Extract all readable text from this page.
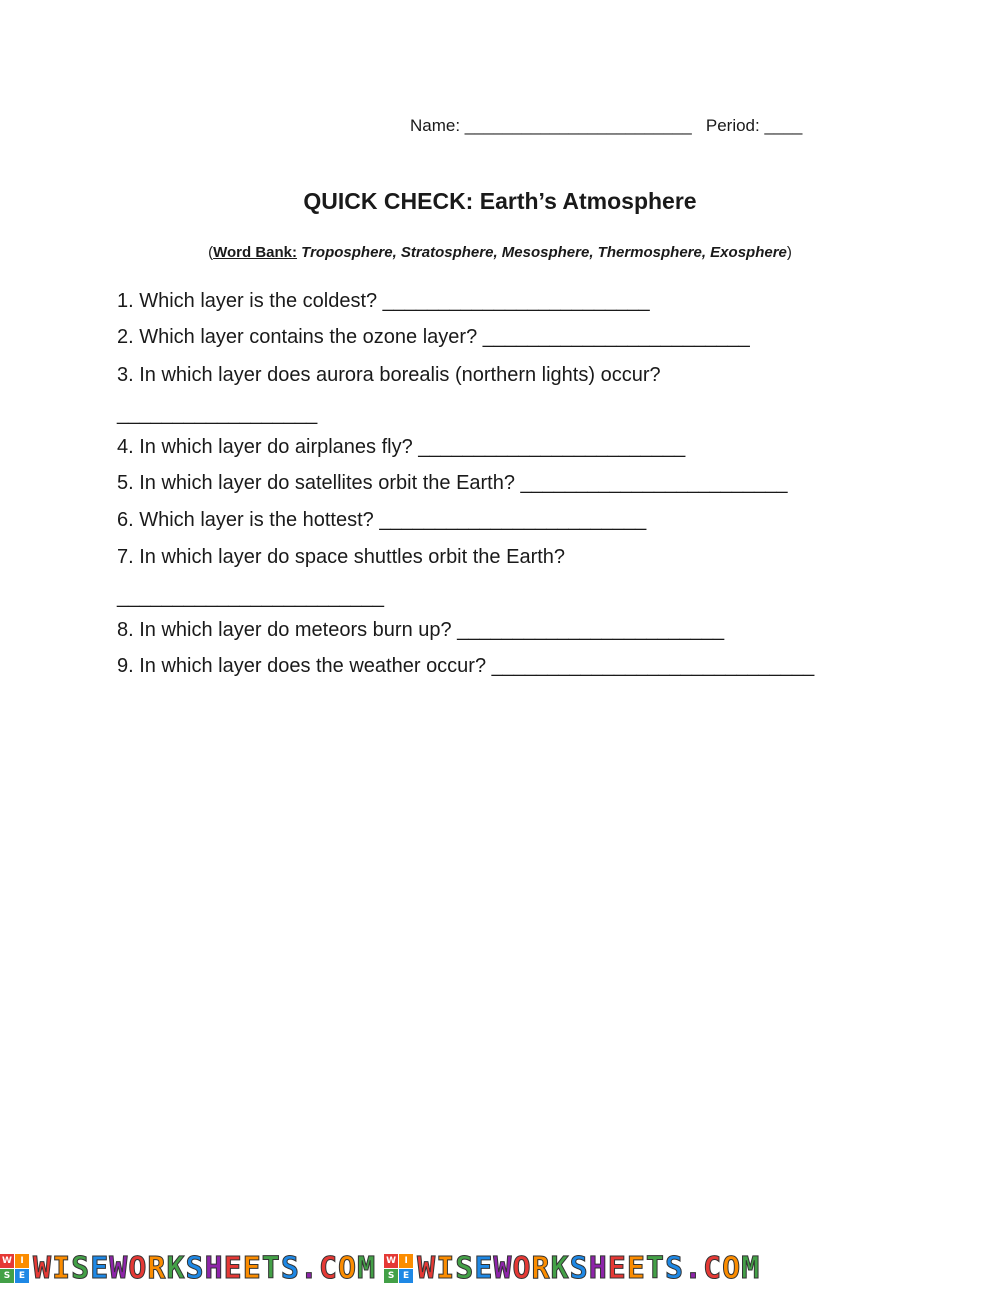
Name: ________________________   Period: ____
QUICK CHECK: Earth’s Atmosphere
(Word Bank: Troposphere, Stratosphere, Mesosphere, Thermosphere, Exosphere)
1. Which layer is the coldest? ________________________
2. Which layer contains the ozone layer? ________________________
3. In which layer does aurora borealis (northern lights) occur?
__________________
4. In which layer do airplanes fly? ________________________
5. In which layer do satellites orbit the Earth? ________________________
6. Which layer is the hottest? ________________________
7. In which layer do space shuttles orbit the Earth?
________________________
8. In which layer do meteors burn up? ________________________
9. In which layer does the weather occur? _____________________________
W I
S E W I S E W O R K S H E E T S . C O M W I
S E W I S E W O R K S H E E T S . C O M
